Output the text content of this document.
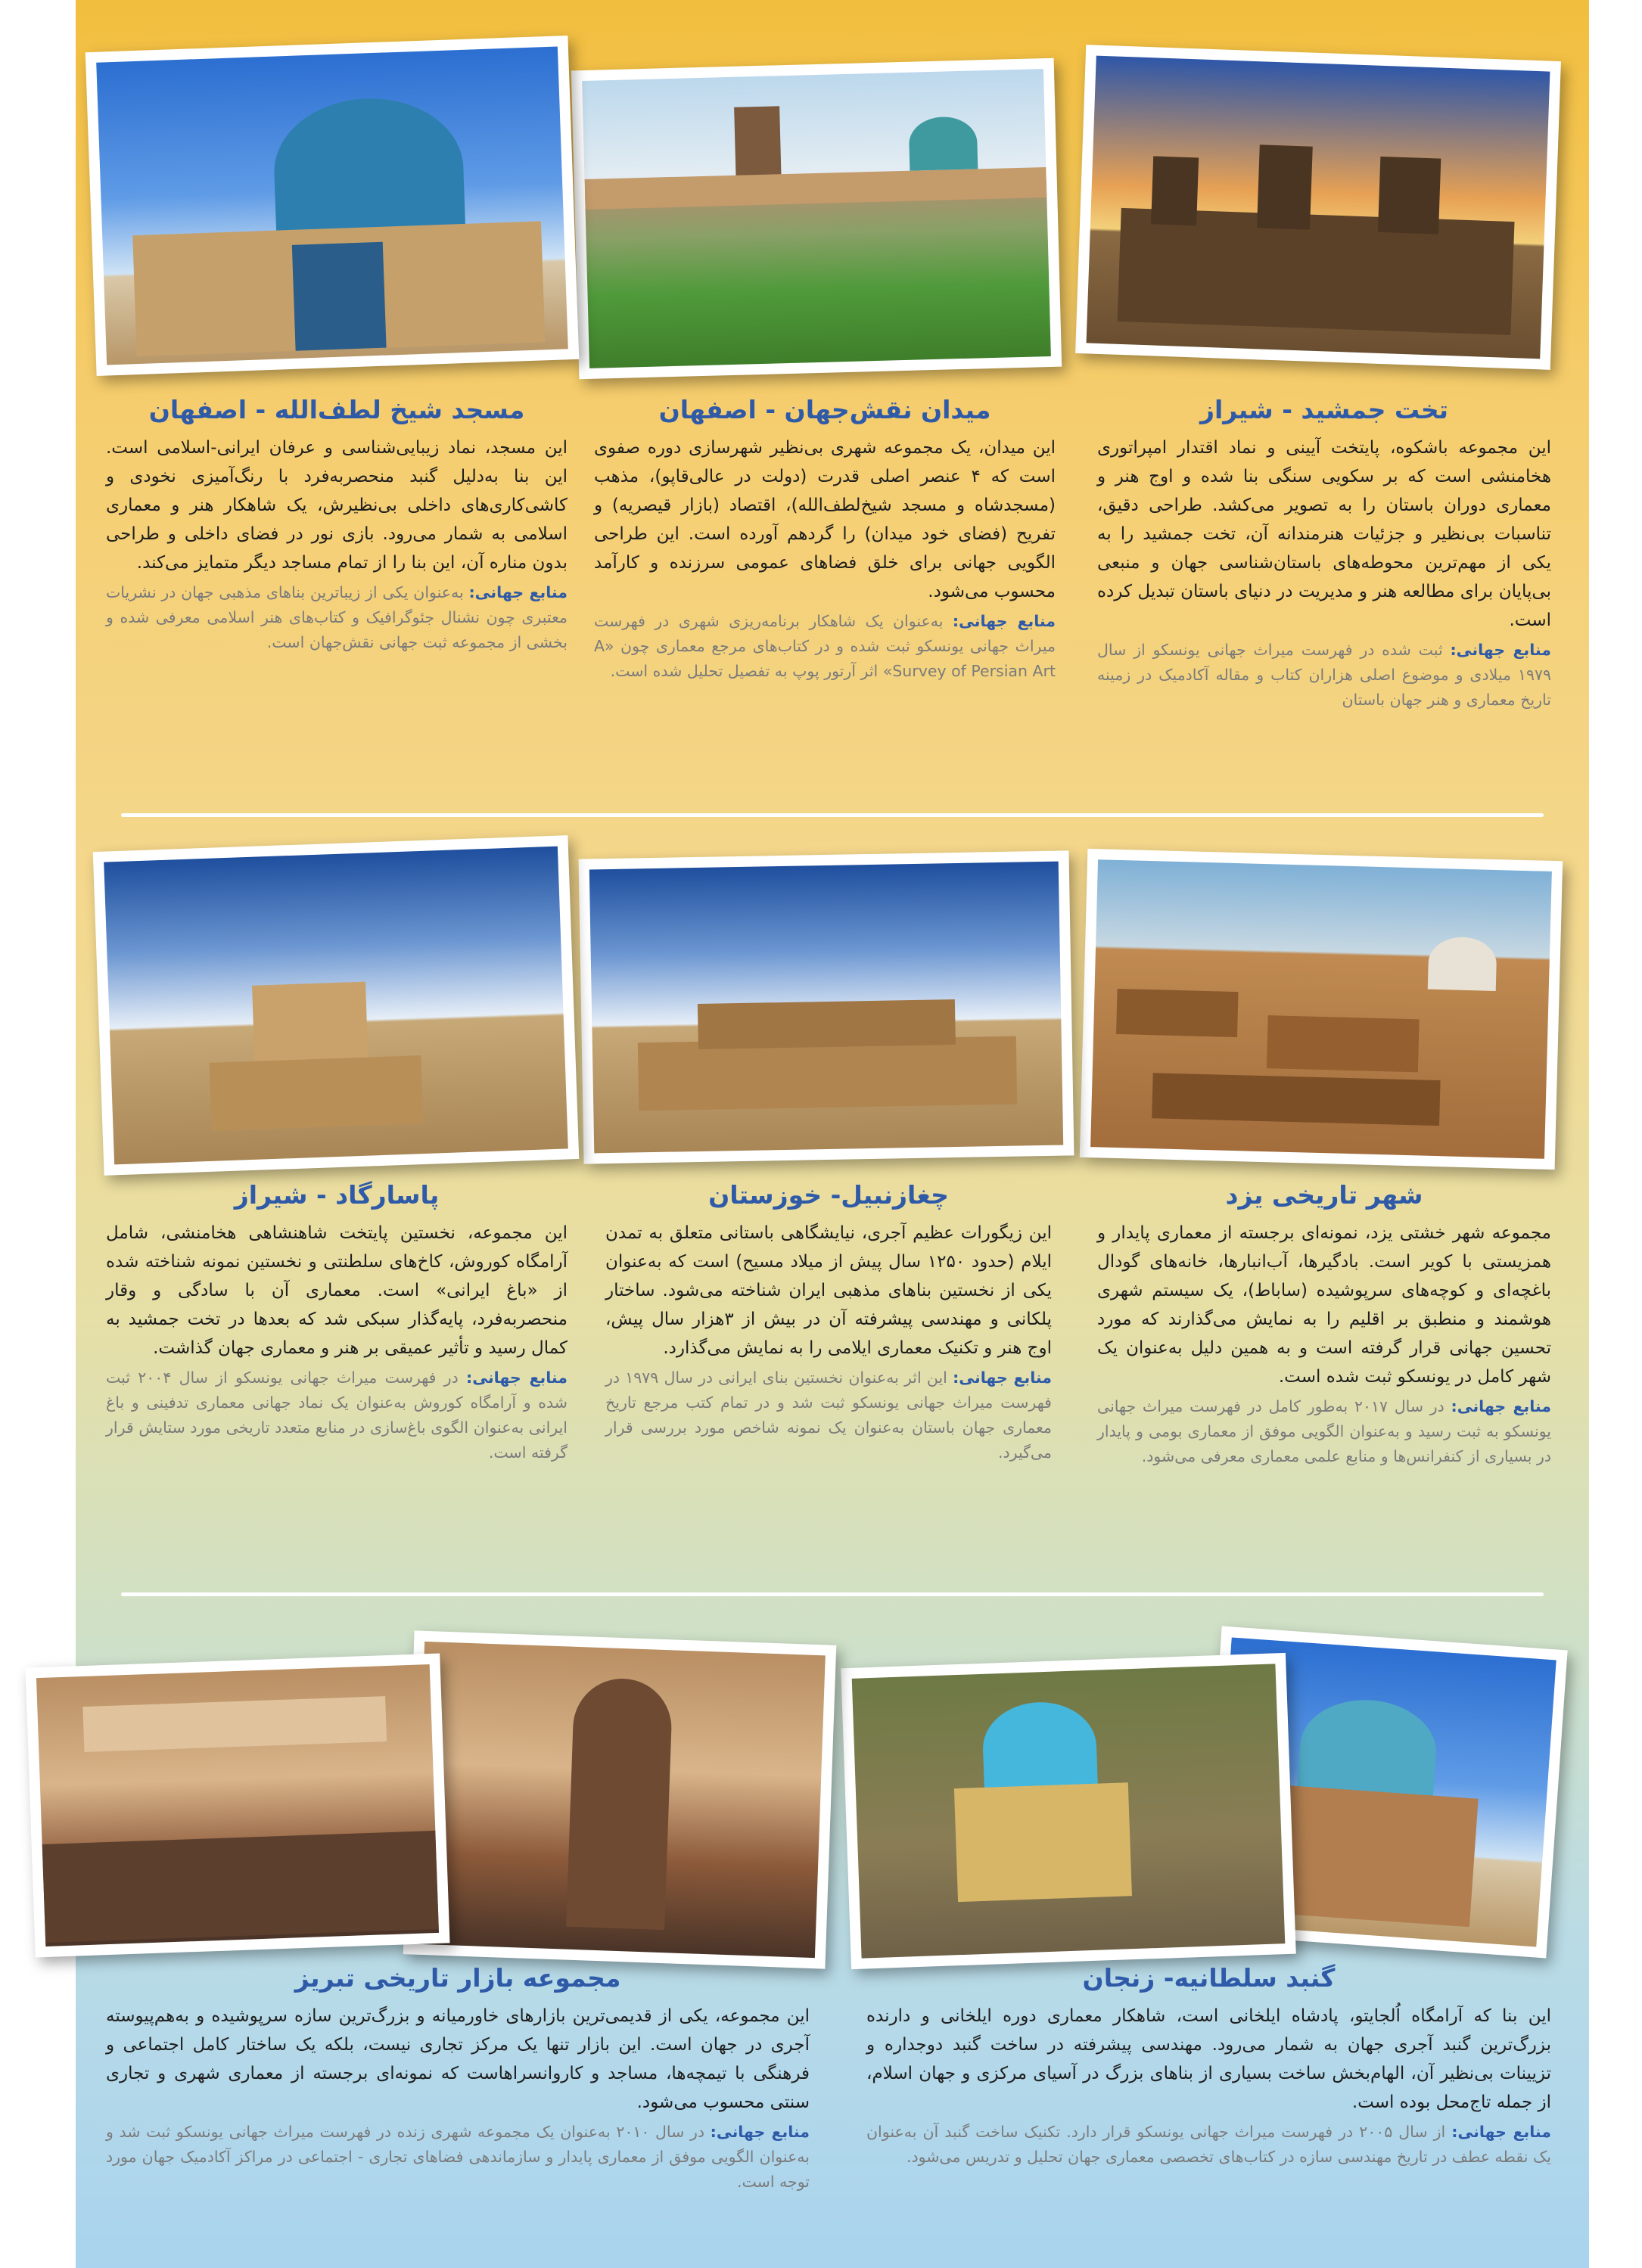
تخت جمشید - شیراز

این مجموعه باشکوه، پایتخت آیینی و نماد اقتدار امپراتوری هخامنشی است که بر سکویی سنگی بنا شده و اوج هنر و معماری دوران باستان را به تصویر می‌کشد. طراحی دقیق، تناسبات بی‌نظیر و جزئیات هنرمندانه آن، تخت جمشید را به یکی از مهم‌ترین محوطه‌های باستان‌شناسی جهان و منبعی بی‌پایان برای مطالعه هنر و مدیریت در دنیای باستان تبدیل کرده است.

منابع جهانی: ثبت شده در فهرست میراث جهانی یونسکو از سال ۱۹۷۹ میلادی و موضوع اصلی هزاران کتاب و مقاله آکادمیک در زمینه تاریخ معماری و هنر جهان باستان

میدان نقش‌جهان - اصفهان

این میدان، یک مجموعه شهری بی‌نظیر شهرسازی دوره صفوی است که ۴ عنصر اصلی قدرت (دولت در عالی‌قاپو)، مذهب (مسجدشاه و مسجد شیخ‌لطف‌الله)، اقتصاد (بازار قیصریه) و تفریح (فضای خود میدان) را گردهم آورده است. این طراحی الگویی جهانی برای خلق فضاهای عمومی سرزنده و کارآمد محسوب می‌شود.

منابع جهانی: به‌عنوان یک شاهکار برنامه‌ریزی شهری در فهرست میراث جهانی یونسکو ثبت شده و در کتاب‌های مرجع معماری چون «A Survey of Persian Art» اثر آرتور پوپ به تفصیل تحلیل شده است.

مسجد شیخ لطف‌الله - اصفهان

این مسجد، نماد زیبایی‌شناسی و عرفان ایرانی-اسلامی است. این بنا به‌دلیل گنبد منحصربه‌فرد با رنگ‌آمیزی نخودی و کاشی‌کاری‌های داخلی بی‌نظیرش، یک شاهکار هنر و معماری اسلامی به شمار می‌رود. بازی نور در فضای داخلی و طراحی بدون مناره آن، این بنا را از تمام مساجد دیگر متمایز می‌کند.

منابع جهانی: به‌عنوان یکی از زیباترین بناهای مذهبی جهان در نشریات معتبری چون نشنال جئوگرافیک و کتاب‌های هنر اسلامی معرفی شده و بخشی از مجموعه ثبت جهانی نقش‌جهان است.

شهر تاریخی یزد

مجموعه شهر خشتی یزد، نمونه‌ای برجسته از معماری پایدار و همزیستی با کویر است. بادگیرها، آب‌انبارها، خانه‌های گودال باغچه‌ای و کوچه‌های سرپوشیده (ساباط)، یک سیستم شهری هوشمند و منطبق بر اقلیم را به نمایش می‌گذارند که مورد تحسین جهانی قرار گرفته است و به همین دلیل به‌عنوان یک شهر کامل در یونسکو ثبت شده است.

منابع جهانی: در سال ۲۰۱۷ به‌طور کامل در فهرست میراث جهانی یونسکو به ثبت رسید و به‌عنوان الگویی موفق از معماری بومی و پایدار در بسیاری از کنفرانس‌ها و منابع علمی معماری معرفی می‌شود.

چغازنبیل- خوزستان

این زیگورات عظیم آجری، نیایشگاهی باستانی متعلق به تمدن ایلام (حدود ۱۲۵۰ سال پیش از میلاد مسیح) است که به‌عنوان یکی از نخستین بناهای مذهبی ایران شناخته می‌شود. ساختار پلکانی و مهندسی پیشرفته آن در بیش از ۳هزار سال پیش، اوج هنر و تکنیک معماری ایلامی را به نمایش می‌گذارد.

منابع جهانی: این اثر به‌عنوان نخستین بنای ایرانی در سال ۱۹۷۹ در فهرست میراث جهانی یونسکو ثبت شد و در تمام کتب مرجع تاریخ معماری جهان باستان به‌عنوان یک نمونه شاخص مورد بررسی قرار می‌گیرد.

پاسارگاد - شیراز

این مجموعه، نخستین پایتخت شاهنشاهی هخامنشی، شامل آرامگاه کوروش، کاخ‌های سلطنتی و نخستین نمونه شناخته شده از «باغ ایرانی» است. معماری آن با سادگی و وقار منحصربه‌فرد، پایه‌گذار سبکی شد که بعدها در تخت جمشید به کمال رسید و تأثیر عمیقی بر هنر و معماری جهان گذاشت.

منابع جهانی: در فهرست میراث جهانی یونسکو از سال ۲۰۰۴ ثبت شده و آرامگاه کوروش به‌عنوان یک نماد جهانی معماری تدفینی و باغ ایرانی به‌عنوان الگوی باغ‌سازی در منابع متعدد تاریخی مورد ستایش قرار گرفته است.

گنبد سلطانیه- زنجان

این بنا که آرامگاه اُلجایتو، پادشاه ایلخانی است، شاهکار معماری دوره ایلخانی و دارنده بزرگ‌ترین گنبد آجری جهان به شمار می‌رود. مهندسی پیشرفته در ساخت گنبد دوجداره و تزیینات بی‌نظیر آن، الهام‌بخش ساخت بسیاری از بناهای بزرگ در آسیای مرکزی و جهان اسلام، از جمله تاج‌محل بوده است.

منابع جهانی: از سال ۲۰۰۵ در فهرست میراث جهانی یونسکو قرار دارد. تکنیک ساخت گنبد آن به‌عنوان یک نقطه عطف در تاریخ مهندسی سازه در کتاب‌های تخصصی معماری جهان تحلیل و تدریس می‌شود.

مجموعه بازار تاریخی تبریز

این مجموعه، یکی از قدیمی‌ترین بازارهای خاورمیانه و بزرگ‌ترین سازه سرپوشیده و به‌هم‌پیوسته آجری در جهان است. این بازار تنها یک مرکز تجاری نیست، بلکه یک ساختار کامل اجتماعی و فرهنگی با تیمچه‌ها، مساجد و کاروانسراهاست که نمونه‌ای برجسته از معماری شهری و تجاری سنتی محسوب می‌شود.

منابع جهانی: در سال ۲۰۱۰ به‌عنوان یک مجموعه شهری زنده در فهرست میراث جهانی یونسکو ثبت شد و به‌عنوان الگویی موفق از معماری پایدار و سازماندهی فضاهای تجاری - اجتماعی در مراکز آکادمیک جهان مورد توجه است.
